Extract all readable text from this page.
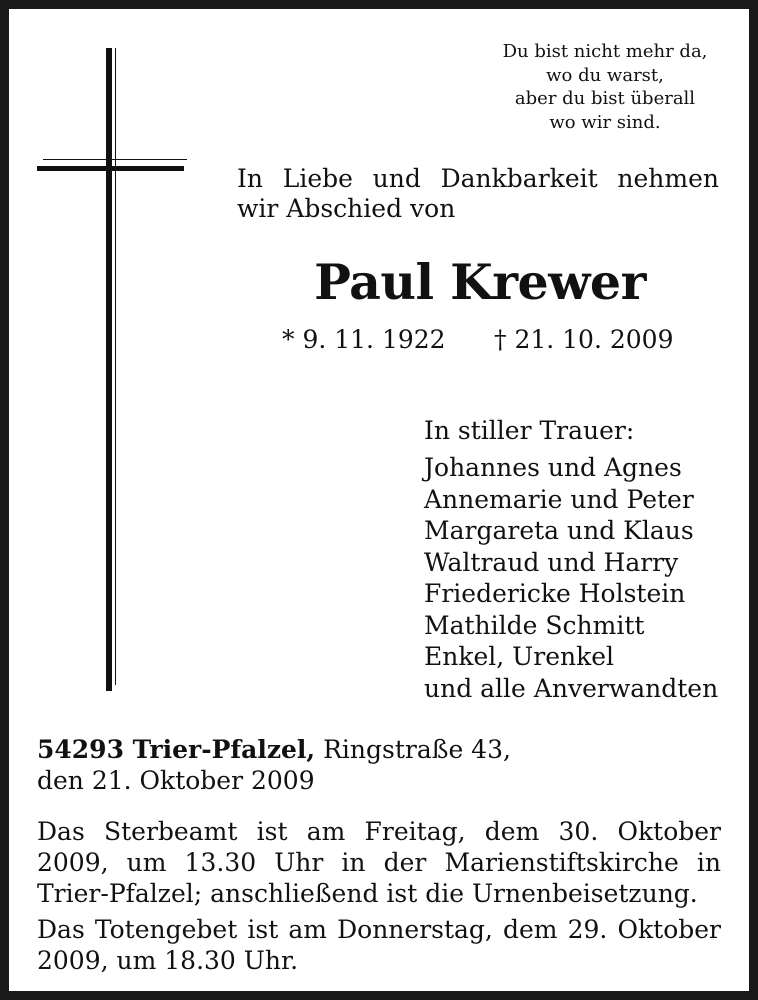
Du bist nicht mehr da,
wo du warst,
aber du bist überall
wo wir sind.
In Liebe und Dankbarkeit nehmen
wir Abschied von
Paul Krewer
* 9. 11. 1922 † 21. 10. 2009
In stiller Trauer:
Johannes und Agnes
Annemarie und Peter
Margareta und Klaus
Waltraud und Harry
Friedericke Holstein
Mathilde Schmitt
Enkel, Urenkel
und alle Anverwandten
54293 Trier-Pfalzel, Ringstraße 43,
den 21. Oktober 2009
Das Sterbeamt ist am Freitag, dem 30. Oktober 2009, um 13.30 Uhr in der Marienstiftskirche in Trier-Pfalzel; anschließend ist die Urnenbeisetzung.
Das Totengebet ist am Donnerstag, dem 29. Oktober 2009, um 18.30 Uhr.
